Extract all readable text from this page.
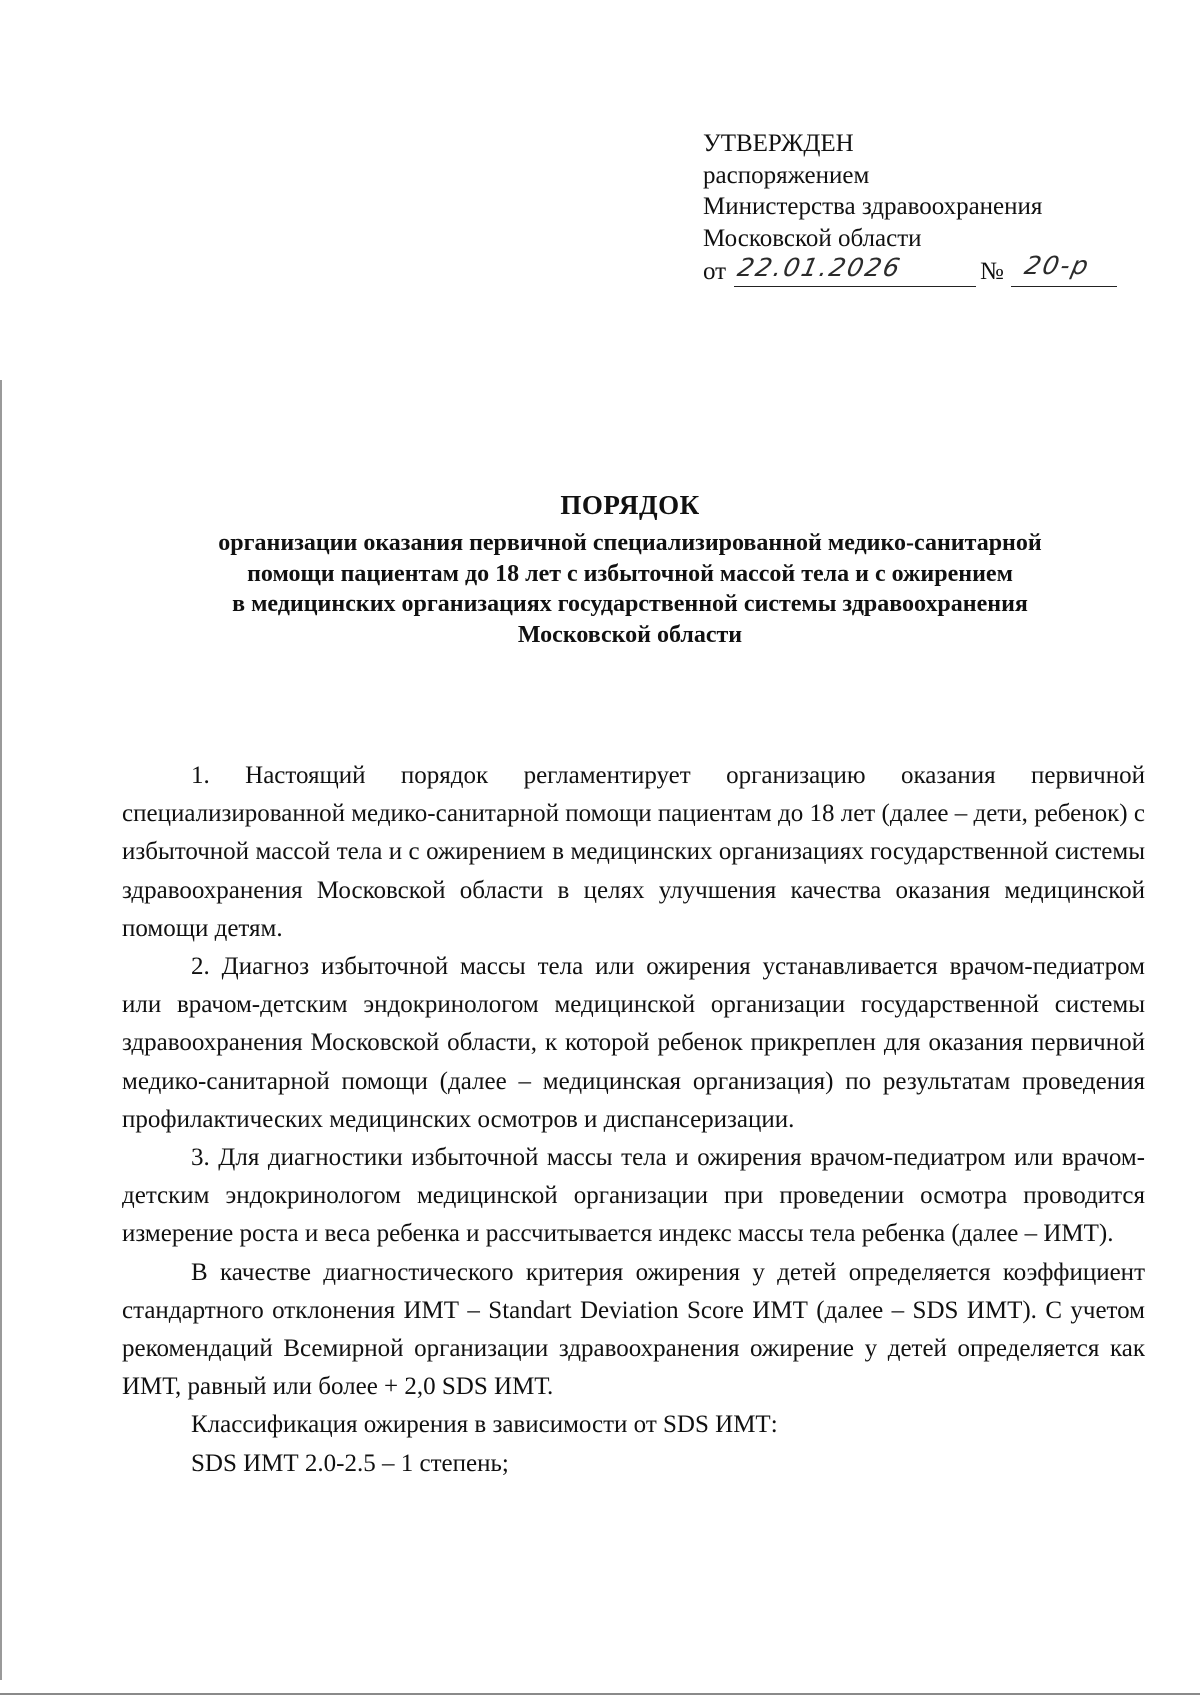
УТВЕРЖДЕН
распоряжением
Министерства здравоохранения
Московской области
от 22.01.2026	№ 20-р
ПОРЯДОК
организации оказания первичной специализированной медико-санитарной
помощи пациентам до 18 лет с избыточной массой тела и с ожирением
в медицинских организациях государственной системы здравоохранения
Московской области

1. Настоящий порядок регламентирует организацию оказания первичной специализированной медико-санитарной помощи пациентам до 18 лет (далее – дети, ребенок) с избыточной массой тела и с ожирением в медицинских организациях государственной системы здравоохранения Московской области в целях улучшения качества оказания медицинской помощи детям.

2. Диагноз избыточной массы тела или ожирения устанавливается врачом-педиатром или врачом-детским эндокринологом медицинской организации государственной системы здравоохранения Московской области, к которой ребенок прикреплен для оказания первичной медико-санитарной помощи (далее – медицинская организация) по результатам проведения профилактических медицинских осмотров и диспансеризации.

3. Для диагностики избыточной массы тела и ожирения врачом-педиатром или врачом-детским эндокринологом медицинской организации при проведении осмотра проводится измерение роста и веса ребенка и рассчитывается индекс массы тела ребенка (далее – ИМТ).

В качестве диагностического критерия ожирения у детей определяется коэффициент стандартного отклонения ИМТ – Standart Deviation Score ИМТ (далее – SDS ИМТ). С учетом рекомендаций Всемирной организации здравоохранения ожирение у детей определяется как ИМТ, равный или более + 2,0 SDS ИМТ.

Классификация ожирения в зависимости от SDS ИМТ:

SDS ИМТ 2.0-2.5 – 1 степень;
